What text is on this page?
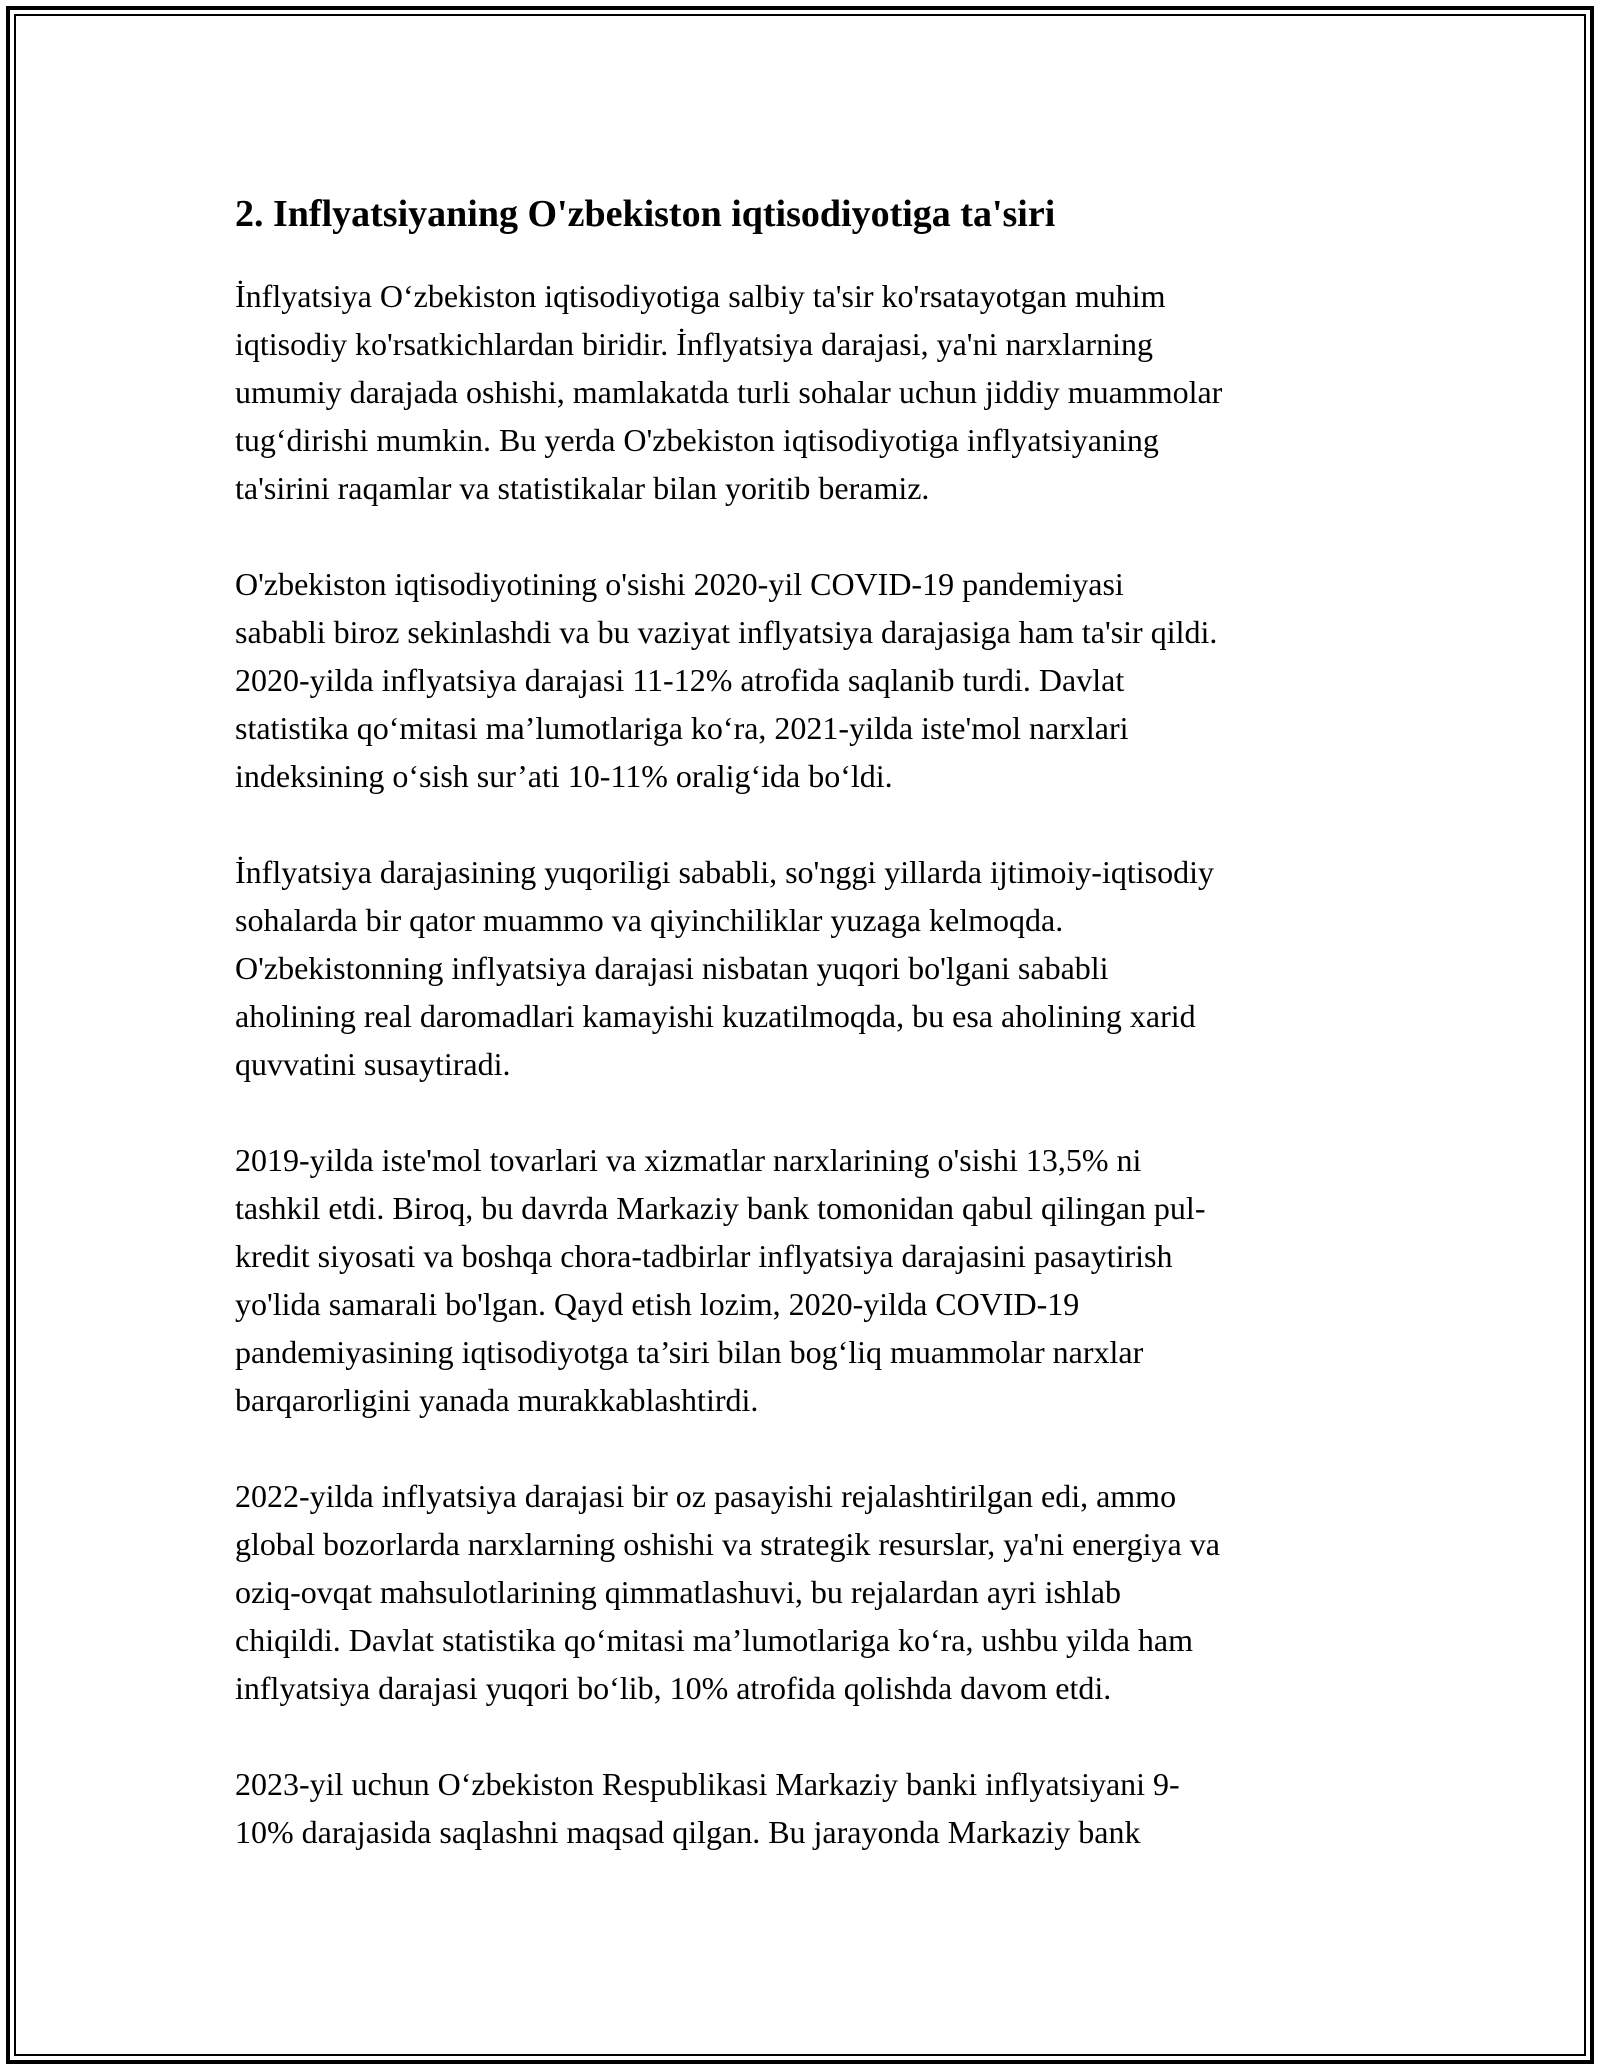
2. Inflyatsiyaning O'zbekiston iqtisodiyotiga ta'siri
İnflyatsiya O‘zbekiston iqtisodiyotiga salbiy ta'sir ko'rsatayotgan muhim
iqtisodiy ko'rsatkichlardan biridir. İnflyatsiya darajasi, ya'ni narxlarning
umumiy darajada oshishi, mamlakatda turli sohalar uchun jiddiy muammolar
tug‘dirishi mumkin. Bu yerda O'zbekiston iqtisodiyotiga inflyatsiyaning
ta'sirini raqamlar va statistikalar bilan yoritib beramiz.
O'zbekiston iqtisodiyotining o'sishi 2020-yil COVID-19 pandemiyasi
sababli biroz sekinlashdi va bu vaziyat inflyatsiya darajasiga ham ta'sir qildi.
2020-yilda inflyatsiya darajasi 11-12% atrofida saqlanib turdi. Davlat
statistika qo‘mitasi ma’lumotlariga ko‘ra, 2021-yilda iste'mol narxlari
indeksining o‘sish sur’ati 10-11% oralig‘ida bo‘ldi.
İnflyatsiya darajasining yuqoriligi sababli, so'nggi yillarda ijtimoiy-iqtisodiy
sohalarda bir qator muammo va qiyinchiliklar yuzaga kelmoqda.
O'zbekistonning inflyatsiya darajasi nisbatan yuqori bo'lgani sababli
aholining real daromadlari kamayishi kuzatilmoqda, bu esa aholining xarid
quvvatini susaytiradi.
2019-yilda iste'mol tovarlari va xizmatlar narxlarining o'sishi 13,5% ni
tashkil etdi. Biroq, bu davrda Markaziy bank tomonidan qabul qilingan pul-
kredit siyosati va boshqa chora-tadbirlar inflyatsiya darajasini pasaytirish
yo'lida samarali bo'lgan. Qayd etish lozim, 2020-yilda COVID-19
pandemiyasining iqtisodiyotga ta’siri bilan bog‘liq muammolar narxlar
barqarorligini yanada murakkablashtirdi.
2022-yilda inflyatsiya darajasi bir oz pasayishi rejalashtirilgan edi, ammo
global bozorlarda narxlarning oshishi va strategik resurslar, ya'ni energiya va
oziq-ovqat mahsulotlarining qimmatlashuvi, bu rejalardan ayri ishlab
chiqildi. Davlat statistika qo‘mitasi ma’lumotlariga ko‘ra, ushbu yilda ham
inflyatsiya darajasi yuqori bo‘lib, 10% atrofida qolishda davom etdi.
2023-yil uchun O‘zbekiston Respublikasi Markaziy banki inflyatsiyani 9-
10% darajasida saqlashni maqsad qilgan. Bu jarayonda Markaziy bank
